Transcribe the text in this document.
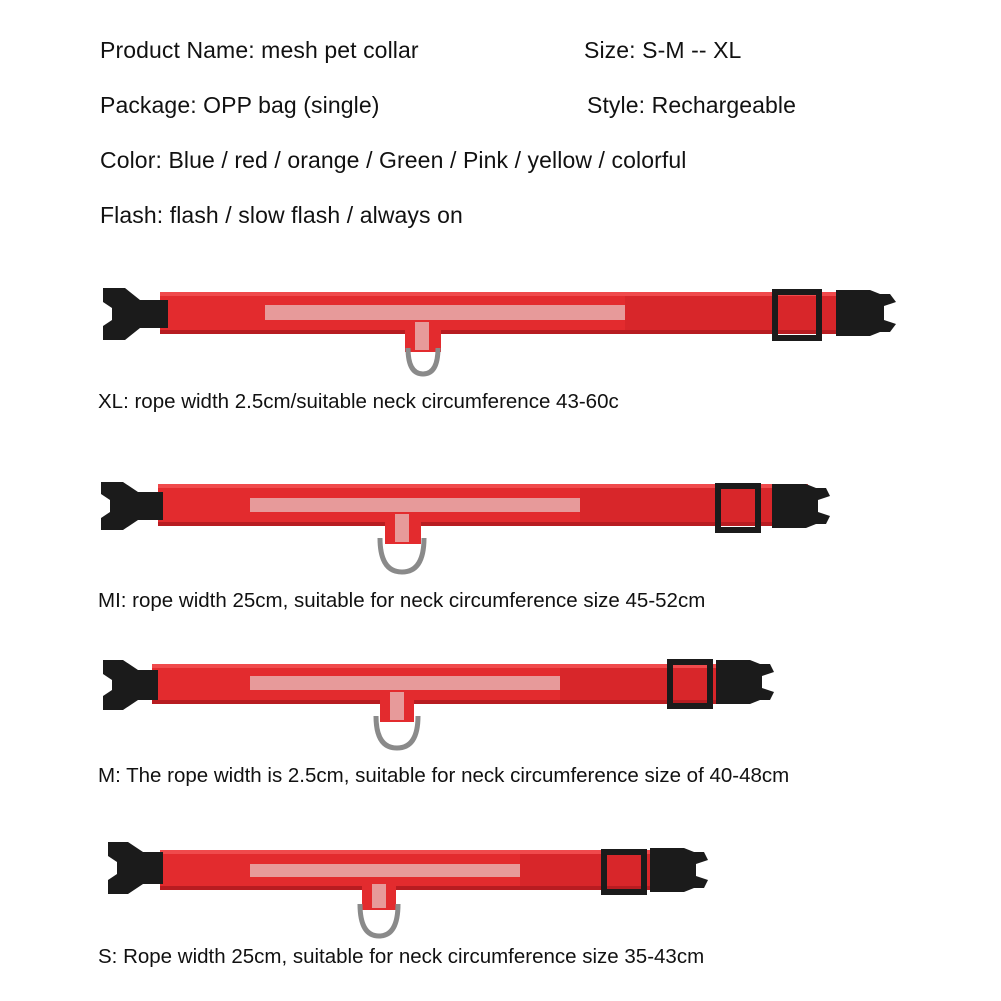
Product Name: mesh pet collar	Size: S-M -- XL
Package: OPP bag (single)	Style: Rechargeable
Color: Blue / red / orange / Green / Pink / yellow / colorful
Flash: flash / slow flash / always on
XL: rope width 2.5cm/suitable neck circumference 43-60c
MI: rope width 25cm, suitable for neck circumference size 45-52cm
M: The rope width is 2.5cm, suitable for neck circumference size of 40-48cm
S: Rope width 25cm, suitable for neck circumference size 35-43cm
